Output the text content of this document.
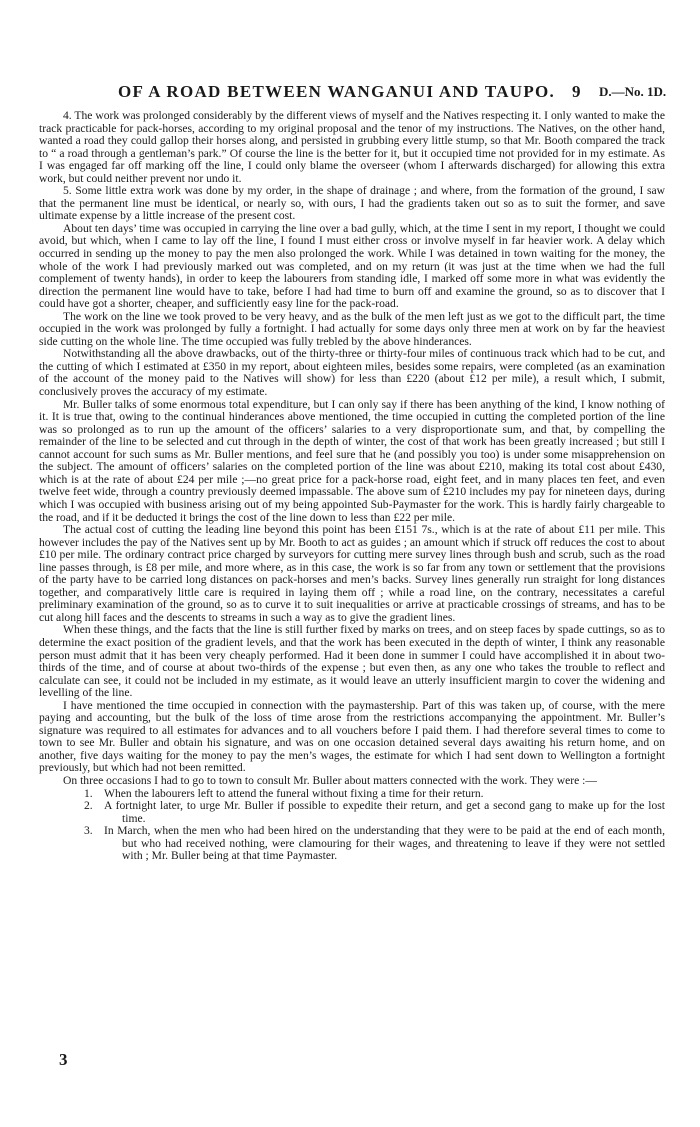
OF A ROAD BETWEEN WANGANUI AND TAUPO. 9 D.—No. 1D.

4. The work was prolonged considerably by the different views of myself and the Natives respecting it. I only wanted to make the track practicable for pack-horses, according to my original proposal and the tenor of my instructions. The Natives, on the other hand, wanted a road they could gallop their horses along, and persisted in grubbing every little stump, so that Mr. Booth compared the track to “ a road through a gentleman’s park.” Of course the line is the better for it, but it occupied time not provided for in my estimate. As I was engaged far off marking off the line, I could only blame the overseer (whom I afterwards discharged) for allowing this extra work, but could neither prevent nor undo it.

5. Some little extra work was done by my order, in the shape of drainage ; and where, from the formation of the ground, I saw that the permanent line must be identical, or nearly so, with ours, I had the gradients taken out so as to suit the former, and save ultimate expense by a little increase of the present cost.

About ten days’ time was occupied in carrying the line over a bad gully, which, at the time I sent in my report, I thought we could avoid, but which, when I came to lay off the line, I found I must either cross or involve myself in far heavier work. A delay which occurred in sending up the money to pay the men also prolonged the work. While I was detained in town waiting for the money, the whole of the work I had previously marked out was completed, and on my return (it was just at the time when we had the full complement of twenty hands), in order to keep the labourers from standing idle, I marked off some more in what was evidently the direction the permanent line would have to take, before I had had time to burn off and examine the ground, so as to discover that I could have got a shorter, cheaper, and sufficiently easy line for the pack-road.

The work on the line we took proved to be very heavy, and as the bulk of the men left just as we got to the difficult part, the time occupied in the work was prolonged by fully a fortnight. I had actually for some days only three men at work on by far the heaviest side cutting on the whole line. The time occupied was fully trebled by the above hinderances.

Notwithstanding all the above drawbacks, out of the thirty-three or thirty-four miles of continuous track which had to be cut, and the cutting of which I estimated at £350 in my report, about eighteen miles, besides some repairs, were completed (as an examination of the account of the money paid to the Natives will show) for less than £220 (about £12 per mile), a result which, I submit, conclusively proves the accuracy of my estimate.

Mr. Buller talks of some enormous total expenditure, but I can only say if there has been anything of the kind, I know nothing of it. It is true that, owing to the continual hinderances above mentioned, the time occupied in cutting the completed portion of the line was so prolonged as to run up the amount of the officers’ salaries to a very disproportionate sum, and that, by compelling the remainder of the line to be selected and cut through in the depth of winter, the cost of that work has been greatly increased ; but still I cannot account for such sums as Mr. Buller mentions, and feel sure that he (and possibly you too) is under some misapprehension on the subject. The amount of officers’ salaries on the completed portion of the line was about £210, making its total cost about £430, which is at the rate of about £24 per mile ;—no great price for a pack-horse road, eight feet, and in many places ten feet, and even twelve feet wide, through a country previously deemed impassable. The above sum of £210 includes my pay for nineteen days, during which I was occupied with business arising out of my being appointed Sub-Paymaster for the work. This is hardly fairly chargeable to the road, and if it be deducted it brings the cost of the line down to less than £22 per mile.

The actual cost of cutting the leading line beyond this point has been £151 7s., which is at the rate of about £11 per mile. This however includes the pay of the Natives sent up by Mr. Booth to act as guides ; an amount which if struck off reduces the cost to about £10 per mile. The ordinary contract price charged by surveyors for cutting mere survey lines through bush and scrub, such as the road line passes through, is £8 per mile, and more where, as in this case, the work is so far from any town or settlement that the provisions of the party have to be carried long distances on pack-horses and men’s backs. Survey lines generally run straight for long distances together, and comparatively little care is required in laying them off ; while a road line, on the contrary, necessitates a careful preliminary examination of the ground, so as to curve it to suit inequalities or arrive at practicable crossings of streams, and has to be cut along hill faces and the descents to streams in such a way as to give the gradient lines.

When these things, and the facts that the line is still further fixed by marks on trees, and on steep faces by spade cuttings, so as to determine the exact position of the gradient levels, and that the work has been executed in the depth of winter, I think any reasonable person must admit that it has been very cheaply performed. Had it been done in summer I could have accomplished it in about two-thirds of the time, and of course at about two-thirds of the expense ; but even then, as any one who takes the trouble to reflect and calculate can see, it could not be included in my estimate, as it would leave an utterly insufficient margin to cover the widening and levelling of the line.

I have mentioned the time occupied in connection with the paymastership. Part of this was taken up, of course, with the mere paying and accounting, but the bulk of the loss of time arose from the restrictions accompanying the appointment. Mr. Buller’s signature was required to all estimates for advances and to all vouchers before I paid them. I had therefore several times to come to town to see Mr. Buller and obtain his signature, and was on one occasion detained several days awaiting his return home, and on another, five days waiting for the money to pay the men’s wages, the estimate for which I had sent down to Wellington a fortnight previously, but which had not been remitted.

On three occasions I had to go to town to consult Mr. Buller about matters connected with the work. They were :—

1. When the labourers left to attend the funeral without fixing a time for their return.
2. A fortnight later, to urge Mr. Buller if possible to expedite their return, and get a second gang to make up for the lost time.
3. In March, when the men who had been hired on the understanding that they were to be paid at the end of each month, but who had received nothing, were clamouring for their wages, and threatening to leave if they were not settled with ; Mr. Buller being at that time Paymaster.
3
